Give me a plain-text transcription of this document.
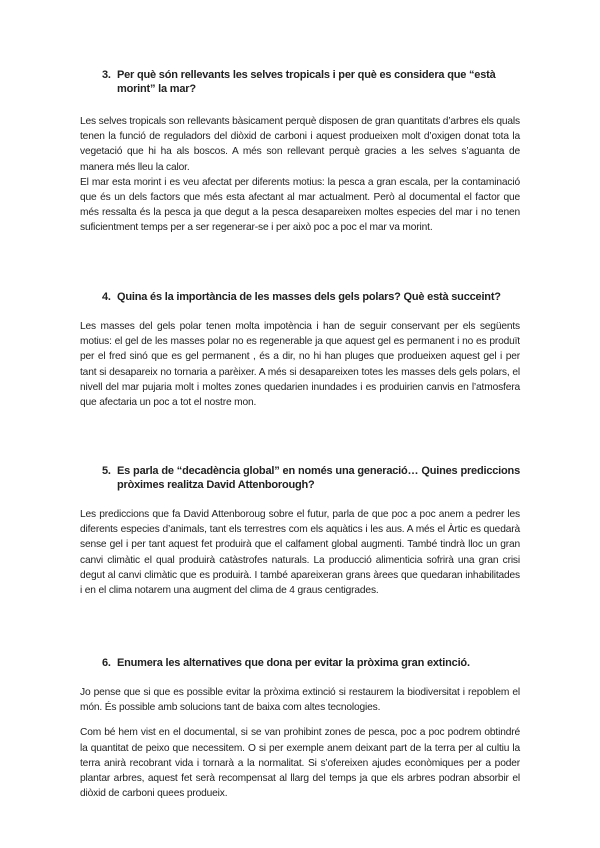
3. Per què són rellevants les selves tropicals i per què es considera que “està morint” la mar?

Les selves tropicals son rellevants bàsicament perquè disposen de gran quantitats d’arbres els quals tenen la funció de reguladors del diòxid de carboni i aquest produeixen molt d’oxigen donat tota la vegetació que hi ha als boscos. A més son rellevant perquè gracies a les selves s’aguanta de manera més lleu la calor.

El mar esta morint i es veu afectat per diferents motius: la pesca a gran escala, per la contaminació que és un dels factors que més esta afectant al mar actualment. Però al documental el factor que més ressalta és la pesca ja que degut a la pesca desapareixen moltes especies del mar i no tenen suficientment temps per a ser regenerar-se i per això poc a poc el mar va morint.

4. Quina és la importància de les masses dels gels polars? Què està succeint?

Les masses del gels polar tenen molta impotència i han de seguir conservant per els següents motius: el gel de les masses polar no es regenerable ja que aquest gel es permanent i no es produït per el fred sinó que es gel permanent , és a dir, no hi han pluges que produeixen aquest gel i per tant si desapareix no tornaria a parèixer. A més si desapareixen totes les masses dels gels polars, el nivell del mar pujaria molt i moltes zones quedarien inundades i es produirien canvis en l’atmosfera que afectaria un poc a tot el nostre mon.

5. Es parla de “decadència global” en només una generació… Quines prediccions pròximes realitza David Attenborough?

Les prediccions que fa David Attenboroug sobre el futur, parla de que poc a poc anem a pedrer les diferents especies d’animals, tant els terrestres com els aquàtics i les aus. A més el Àrtic es quedarà sense gel i per tant aquest fet produirà que el calfament global augmenti. També tindrà lloc un gran canvi climàtic el qual produirà catàstrofes naturals. La producció alimenticia sofrirà una gran crisi degut al canvi climàtic que es produirà. I també apareixeran grans àrees que quedaran inhabilitades i en el clima notarem una augment del clima de 4 graus centigrades.

6. Enumera les alternatives que dona per evitar la pròxima gran extinció.

Jo pense que si que es possible evitar la pròxima extinció si restaurem la biodiversitat i repoblem el món. És possible amb solucions tant de baixa com altes tecnologies.

Com bé hem vist en el documental, si se van prohibint zones de pesca, poc a poc podrem obtindré la quantitat de peixo que necessitem. O si per exemple anem deixant part de la terra per al cultiu la terra anirà recobrant vida i tornarà a la normalitat. Si s’ofereixen ajudes econòmiques per a poder plantar arbres, aquest fet serà recompensat al llarg del temps ja que els arbres podran absorbir el diòxid de carboni quees produeix.
